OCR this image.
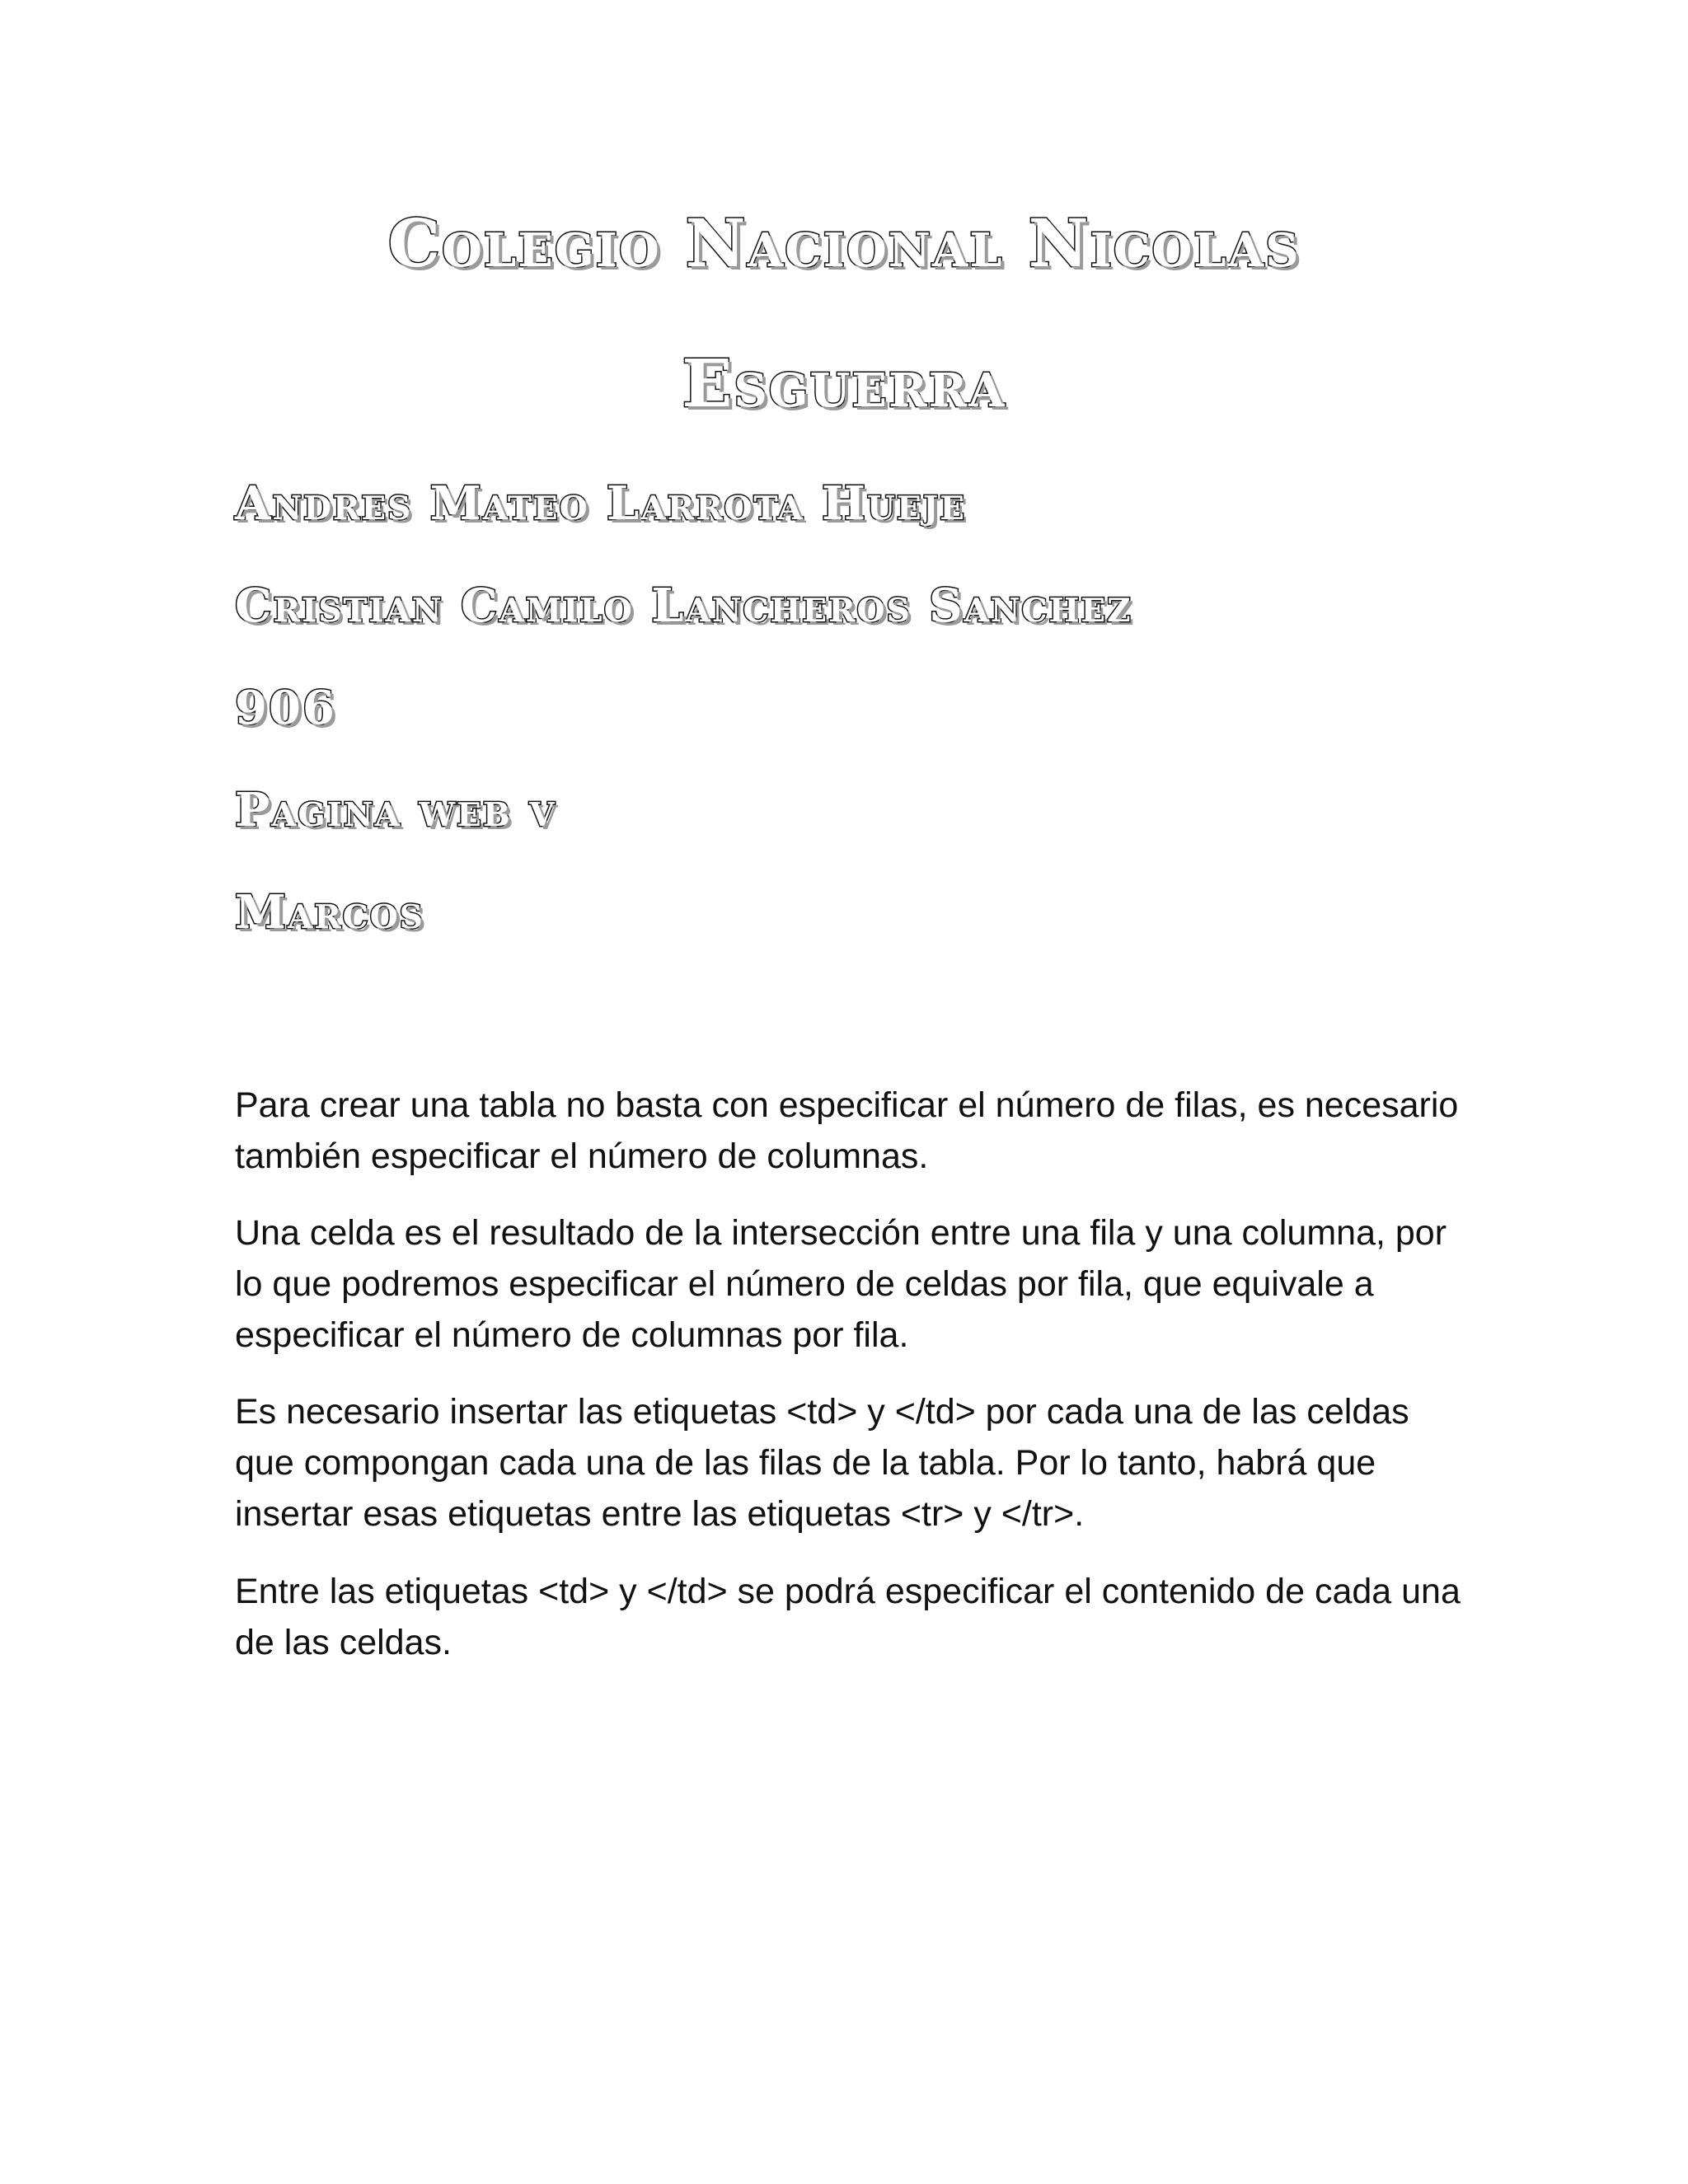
Colegio Nacional Nicolas
Esguerra
Andres Mateo Larrota Hueje
Cristian Camilo Lancheros Sanchez
906
Pagina web v
Marcos

Para crear una tabla no basta con especificar el número de filas, es necesario también especificar el número de columnas.

Una celda es el resultado de la intersección entre una fila y una columna, por lo que podremos especificar el número de celdas por fila, que equivale a especificar el número de columnas por fila.

Es necesario insertar las etiquetas <td> y </td> por cada una de las celdas que compongan cada una de las filas de la tabla. Por lo tanto, habrá que insertar esas etiquetas entre las etiquetas <tr> y </tr>.

Entre las etiquetas <td> y </td> se podrá especificar el contenido de cada una de las celdas.
